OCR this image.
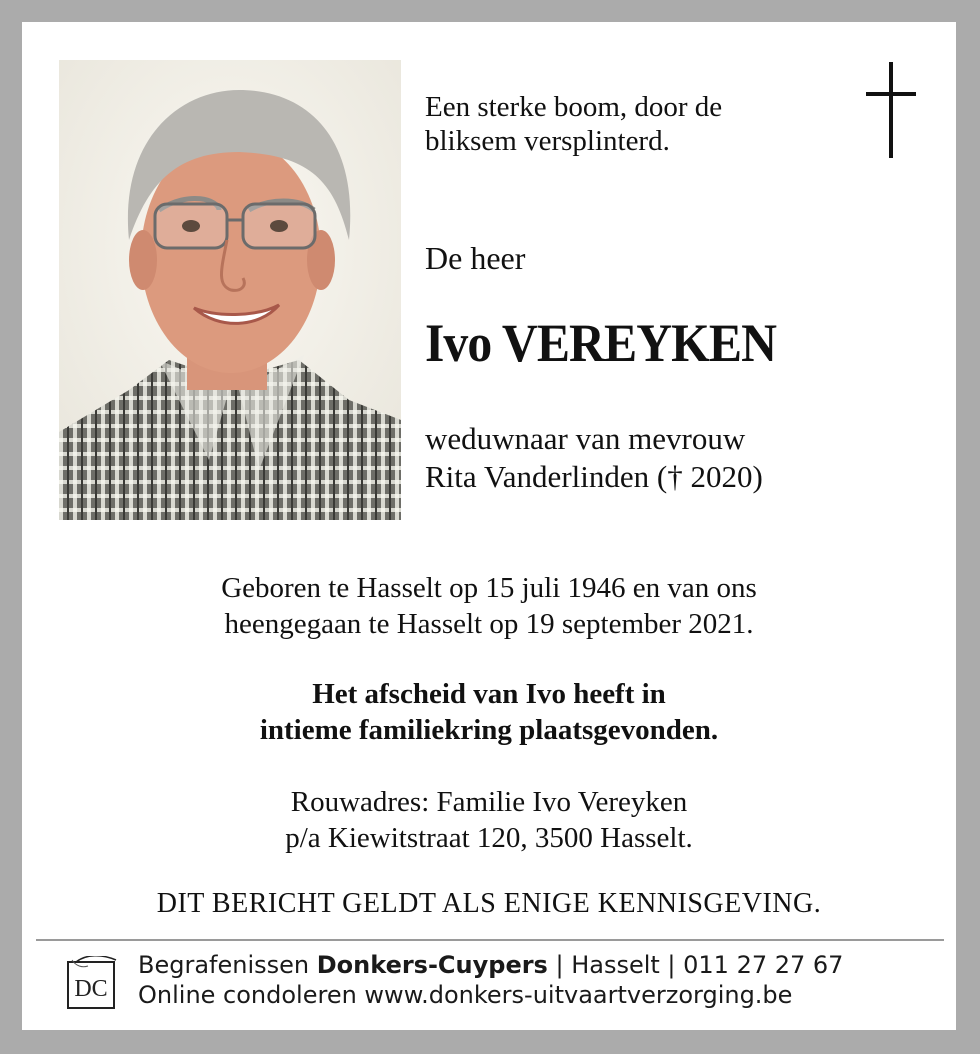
Een sterke boom, door de
bliksem versplinterd.
De heer
Ivo VEREYKEN
weduwnaar van mevrouw
Rita Vanderlinden († 2020)
Geboren te Hasselt op 15 juli 1946 en van ons
heengegaan te Hasselt op 19 september 2021.
Het afscheid van Ivo heeft in
intieme familiekring plaatsgevonden.
Rouwadres: Familie Ivo Vereyken
p/a Kiewitstraat 120, 3500 Hasselt.
DIT BERICHT GELDT ALS ENIGE KENNISGEVING.
DC
Begrafenissen Donkers-Cuypers | Hasselt | 011 27 27 67
Online condoleren www.donkers-uitvaartverzorging.be
